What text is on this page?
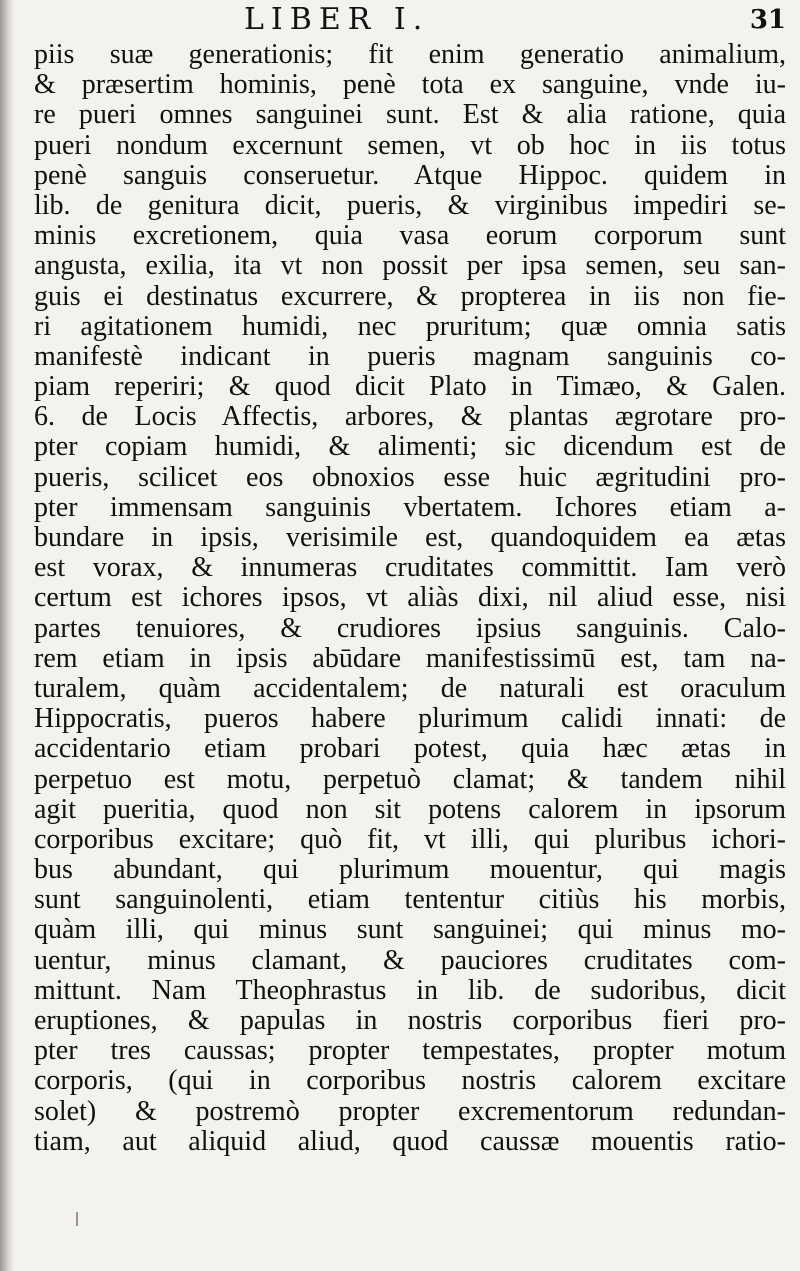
LIBER I.	31
piis suæ generationis; fit enim generatio animalium,
& præsertim hominis, penè tota ex sanguine, vnde iu-
re pueri omnes sanguinei sunt. Est & alia ratione, quia
pueri nondum excernunt semen, vt ob hoc in iis totus
penè sanguis conseruetur. Atque Hippoc. quidem in
lib. de genitura dicit, pueris, & virginibus impediri se-
minis excretionem, quia vasa eorum corporum sunt
angusta, exilia, ita vt non possit per ipsa semen, seu san-
guis ei destinatus excurrere, & propterea in iis non fie-
ri agitationem humidi, nec pruritum; quæ omnia satis
manifestè indicant in pueris magnam sanguinis co-
piam reperiri; & quod dicit Plato in Timæo, & Galen.
6. de Locis Affectis, arbores, & plantas ægrotare pro-
pter copiam humidi, & alimenti; sic dicendum est de
pueris, scilicet eos obnoxios esse huic ægritudini pro-
pter immensam sanguinis vbertatem. Ichores etiam a-
bundare in ipsis, verisimile est, quandoquidem ea ætas
est vorax, & innumeras cruditates committit. Iam verò
certum est ichores ipsos, vt aliàs dixi, nil aliud esse, nisi
partes tenuiores, & crudiores ipsius sanguinis. Calo-
rem etiam in ipsis abūdare manifestissimū est, tam na-
turalem, quàm accidentalem; de naturali est oraculum
Hippocratis, pueros habere plurimum calidi innati: de
accidentario etiam probari potest, quia hæc ætas in
perpetuo est motu, perpetuò clamat; & tandem nihil
agit pueritia, quod non sit potens calorem in ipsorum
corporibus excitare; quò fit, vt illi, qui pluribus ichori-
bus abundant, qui plurimum mouentur, qui magis
sunt sanguinolenti, etiam tententur citiùs his morbis,
quàm illi, qui minus sunt sanguinei; qui minus mo-
uentur, minus clamant, & pauciores cruditates com-
mittunt. Nam Theophrastus in lib. de sudoribus, dicit
eruptiones, & papulas in nostris corporibus fieri pro-
pter tres caussas; propter tempestates, propter motum
corporis, (qui in corporibus nostris calorem excitare
solet) & postremò propter excrementorum redundan-
tiam, aut aliquid aliud, quod caussæ mouentis ratio-
